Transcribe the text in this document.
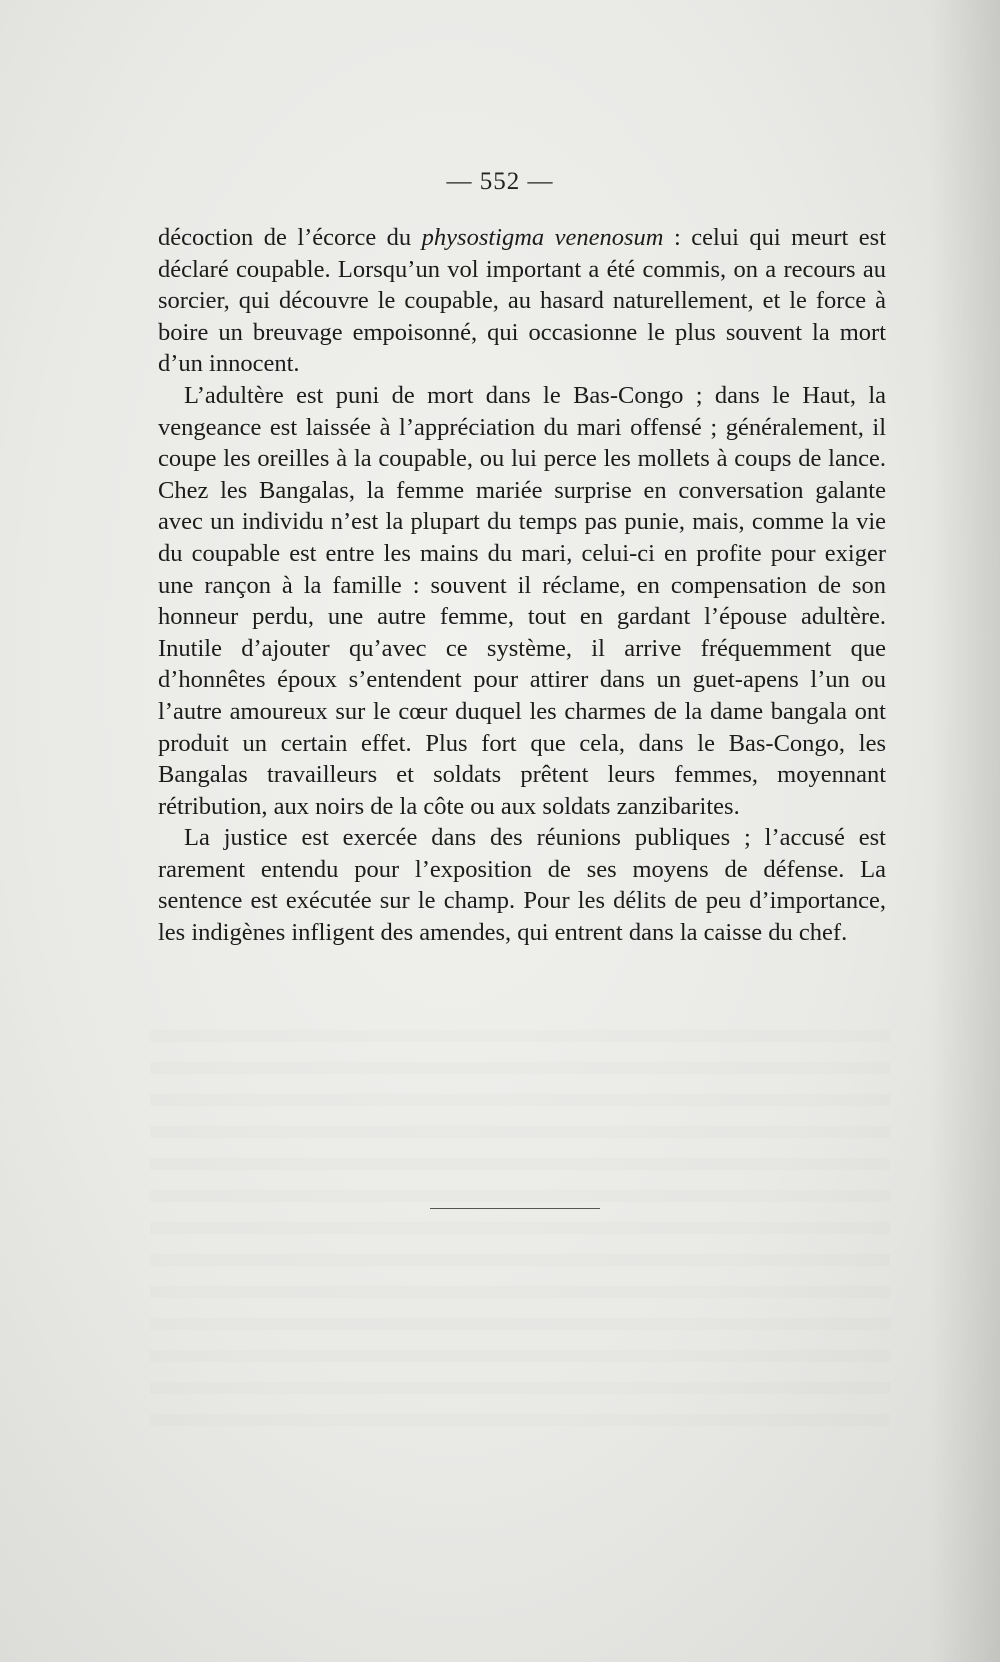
— 552 —

décoction de l’écorce du physostigma venenosum : celui qui meurt est déclaré coupable. Lorsqu’un vol important a été commis, on a recours au sorcier, qui découvre le coupable, au hasard naturellement, et le force à boire un breuvage empoisonné, qui occasionne le plus souvent la mort d’un innocent.

L’adultère est puni de mort dans le Bas-Congo ; dans le Haut, la vengeance est laissée à l’appréciation du mari offensé ; généralement, il coupe les oreilles à la coupable, ou lui perce les mollets à coups de lance. Chez les Bangalas, la femme mariée surprise en conversation galante avec un individu n’est la plupart du temps pas punie, mais, comme la vie du coupable est entre les mains du mari, celui-ci en profite pour exiger une rançon à la famille : souvent il réclame, en compensation de son honneur perdu, une autre femme, tout en gardant l’épouse adultère. Inutile d’ajouter qu’avec ce système, il arrive fréquemment que d’honnêtes époux s’entendent pour attirer dans un guet-apens l’un ou l’autre amoureux sur le cœur duquel les charmes de la dame bangala ont produit un certain effet. Plus fort que cela, dans le Bas-Congo, les Bangalas travailleurs et soldats prêtent leurs femmes, moyennant rétribution, aux noirs de la côte ou aux soldats zanzibarites.

La justice est exercée dans des réunions publiques ; l’accusé est rarement entendu pour l’exposition de ses moyens de défense. La sentence est exécutée sur le champ. Pour les délits de peu d’importance, les indigènes infligent des amendes, qui entrent dans la caisse du chef.
